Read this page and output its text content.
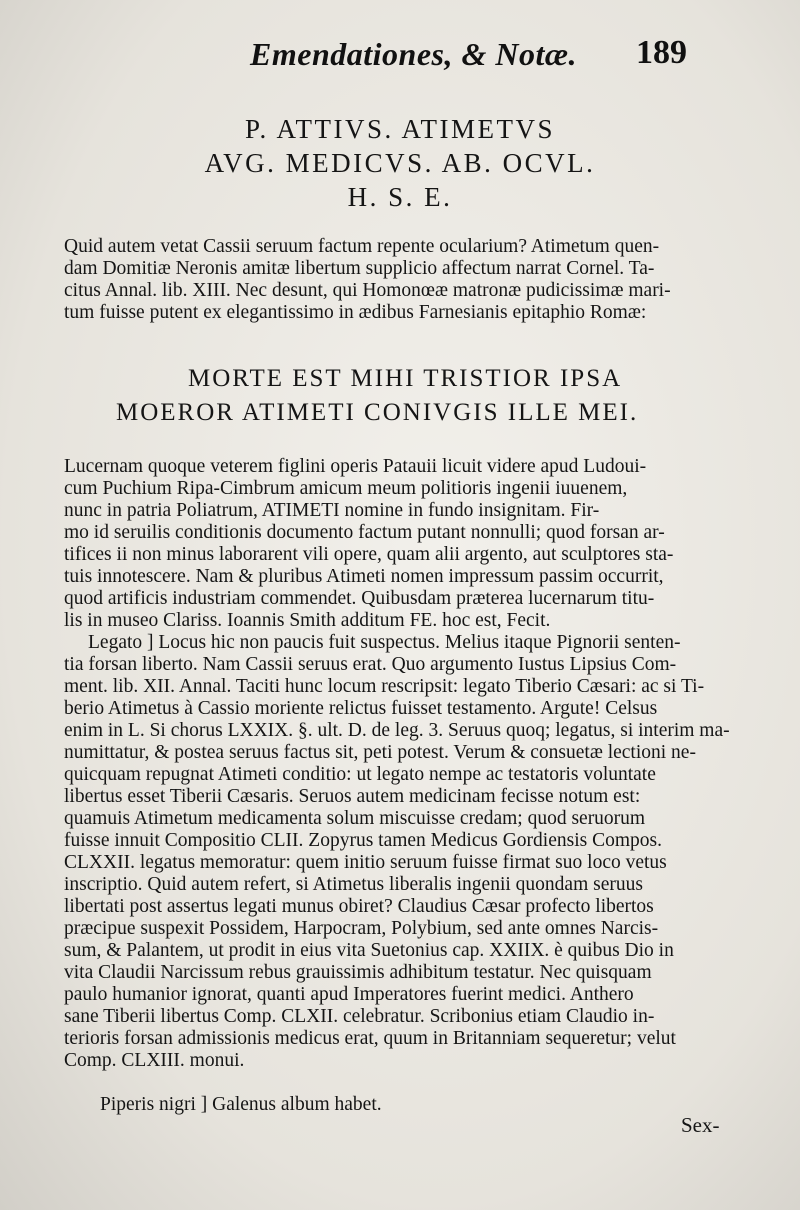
Emendationes, & Notæ. 189
P. ATTIVS. ATIMETVS
AVG. MEDICVS. AB. OCVL.
H. S. E.
Quid autem vetat Cassii seruum factum repente ocularium? Atimetum quen-
dam Domitiæ Neronis amitæ libertum supplicio affectum narrat Cornel. Ta-
citus Annal. lib. XIII. Nec desunt, qui Homonœæ matronæ pudicissimæ mari-
tum fuisse putent ex elegantissimo in ædibus Farnesianis epitaphio Romæ:
MORTE EST MIHI TRISTIOR IPSA
MOEROR ATIMETI CONIVGIS ILLE MEI.
Lucernam quoque veterem figlini operis Patauii licuit videre apud Ludoui-
cum Puchium Ripa-Cimbrum amicum meum politioris ingenii iuuenem,
nunc in patria Poliatrum, ATIMETI nomine in fundo insignitam. Fir-
mo id seruilis conditionis documento factum putant nonnulli; quod forsan ar-
tifices ii non minus laborarent vili opere, quam alii argento, aut sculptores sta-
tuis innotescere. Nam & pluribus Atimeti nomen impressum passim occurrit,
quod artificis industriam commendet. Quibusdam præterea lucernarum titu-
lis in museo Clariss. Ioannis Smith additum FE. hoc est, Fecit.
Legato ] Locus hic non paucis fuit suspectus. Melius itaque Pignorii senten-
tia forsan liberto. Nam Cassii seruus erat. Quo argumento Iustus Lipsius Com-
ment. lib. XII. Annal. Taciti hunc locum rescripsit: legato Tiberio Cæsari: ac si Ti-
berio Atimetus à Cassio moriente relictus fuisset testamento. Argute! Celsus
enim in L. Si chorus LXXIX. §. ult. D. de leg. 3. Seruus quoq; legatus, si interim ma-
numittatur, & postea seruus factus sit, peti potest. Verum & consuetæ lectioni ne-
quicquam repugnat Atimeti conditio: ut legato nempe ac testatoris voluntate
libertus esset Tiberii Cæsaris. Seruos autem medicinam fecisse notum est:
quamuis Atimetum medicamenta solum miscuisse credam; quod seruorum
fuisse innuit Compositio CLII. Zopyrus tamen Medicus Gordiensis Compos.
CLXXII. legatus memoratur: quem initio seruum fuisse firmat suo loco vetus
inscriptio. Quid autem refert, si Atimetus liberalis ingenii quondam seruus
libertati post assertus legati munus obiret? Claudius Cæsar profecto libertos
præcipue suspexit Possidem, Harpocram, Polybium, sed ante omnes Narcis-
sum, & Palantem, ut prodit in eius vita Suetonius cap. XXIIX. è quibus Dio in
vita Claudii Narcissum rebus grauissimis adhibitum testatur. Nec quisquam
paulo humanior ignorat, quanti apud Imperatores fuerint medici. Anthero
sane Tiberii libertus Comp. CLXII. celebratur. Scribonius etiam Claudio in-
terioris forsan admissionis medicus erat, quum in Britanniam sequeretur; velut
Comp. CLXIII. monui.
Piperis nigri ] Galenus album habet.
Sex-
